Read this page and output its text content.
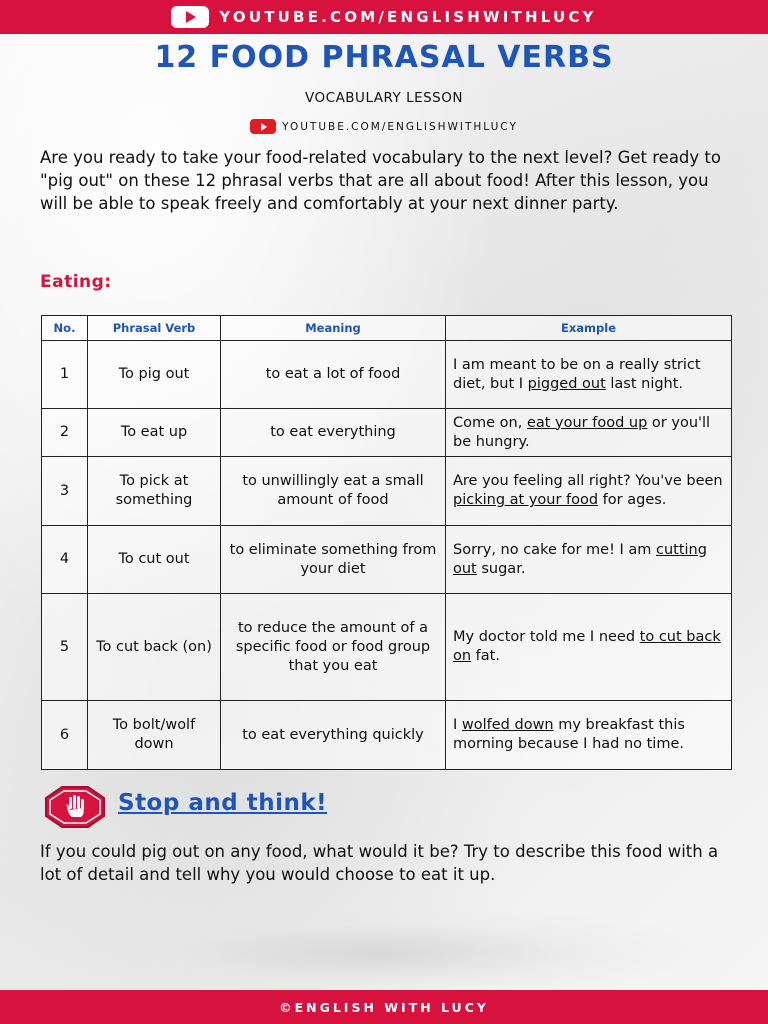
YOUTUBE.COM/ENGLISHWITHLUCY
12 FOOD PHRASAL VERBS
VOCABULARY LESSON
YOUTUBE.COM/ENGLISHWITHLUCY

Are you ready to take your food-related vocabulary to the next level? Get ready to "pig out" on these 12 phrasal verbs that are all about food! After this lesson, you will be able to speak freely and comfortably at your next dinner party.

Eating:
No.	Phrasal Verb	Meaning	Example
1	To pig out	to eat a lot of food	I am meant to be on a really strict diet, but I pigged out last night.
2	To eat up	to eat everything	Come on, eat your food up or you'll be hungry.
3	To pick at something	to unwillingly eat a small amount of food	Are you feeling all right? You've been picking at your food for ages.
4	To cut out	to eliminate something from your diet	Sorry, no cake for me! I am cutting out sugar.
5	To cut back (on)	to reduce the amount of a specific food or food group that you eat	My doctor told me I need to cut back on fat.
6	To bolt/wolf down	to eat everything quickly	I wolfed down my breakfast this morning because I had no time.
Stop and think!

If you could pig out on any food, what would it be? Try to describe this food with a lot of detail and tell why you would choose to eat it up.

©ENGLISH WITH LUCY
